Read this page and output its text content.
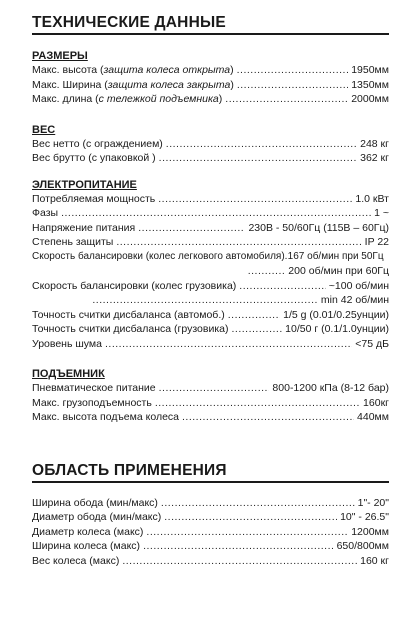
ТЕХНИЧЕСКИЕ ДАННЫЕ
РАЗМЕРЫ
Макс. высота (защита колеса открыта) .....	1950мм
Макс. Ширина (защита колеса закрыта) .....	1350мм
Макс. длина (с тележкой подъемника) .....	2000мм
ВЕС
Вес нетто (с ограждением) .....	248 кг
Вес брутто (с упаковкой ) .....	362 кг
ЭЛЕКТРОПИТАНИЕ
Потребляемая мощность .....	1.0 кВт
Фазы .....	1 ~
Напряжение питания .....	230В - 50/60Гц (115В – 60Гц)
Степень защиты .....	IP 22
Скорость балансировки (колес легкового автомобиля) ..... 167 об/мин при 50Гц
........... 200 об/мин при 60Гц
Скорость балансировки (колес грузовика) .....	~100 об/мин
.................................................................. min 42 об/мин
Точность считки дисбаланса (автомоб.) .....	1/5 g (0.01/0.25унции)
Точность считки дисбаланса (грузовика) .....	10/50 г (0.1/1.0унции)
Уровень шума .....	<75 дБ
ПОДЪЕМНИК
Пневматическое питание .....	800-1200 кПа (8-12 бар)
Макс. грузоподъемность .....	160кг
Макс. высота подъема колеса .....	440мм
ОБЛАСТЬ ПРИМЕНЕНИЯ
Ширина обода (мин/макс) .....	1"- 20"
Диаметр обода (мин/макс) .....	10" - 26.5"
Диаметр колеса (макс) .....	1200мм
Ширина колеса (макс) .....	650/800мм
Вес колеса (макс) .....	160 кг
